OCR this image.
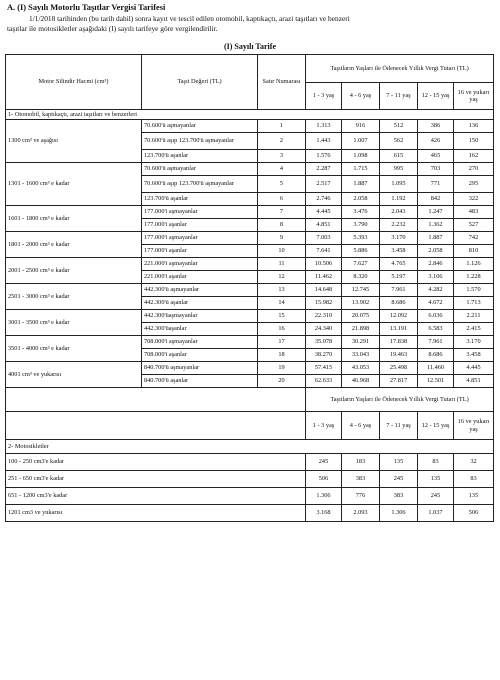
A. (I) Sayılı Motorlu Taşıtlar Vergisi Tarifesi
1/1/2018 tarihinden (bu tarih dahil) sonra kayıt ve tescil edilen otomobil, kaptıkaçtı, arazi taşıtları ve benzeri
taşıtlar ile motosikletler aşağıdaki (I) sayılı tarifeye göre vergilendirilir.
(I) Sayılı Tarife
Motor Silindir Hacmi (cm³)	Taşıt Değeri (TL)	Satır Numarası	Taşıtların Yaşları ile Ödenecek Yıllık Vergi Tutarı (TL)				
			1 - 3 yaş	4 - 6 yaş	7 - 11 yaş	12 - 15 yaş	16 ve yukarı yaş
1- Otomobil, kaptıkaçtı, arazi taşıtları ve benzerleri							
1300 cm³ ve aşağısı	70.600'ü aşmayanlar	1	1.313	916	512	386	136
	70.600'ü aşıp 123.700'ü aşmayanlar	2	1.443	1.007	562	426	150
	123.700'ü aşanlar	3	1.576	1.098	615	465	162
1301 - 1600 cm³ e kadar	70.600'ü aşmayanlar	4	2.287	1.715	995	703	270
	70.600'ü aşıp 123.700'ü aşmayanlar	5	2.517	1.887	1.095	771	295
	123.700'ü aşanlar	6	2.746	2.058	1.192	842	322
1601 - 1800 cm³ e kadar	177.000'i aşmayanlar	7	4.445	3.476	2.043	1.247	483
	177.000'i aşanlar	8	4.851	3.790	2.232	1.362	527
1801 - 2000 cm³ e kadar	177.000'i aşmayanlar	9	7.003	5.393	3.170	1.887	742
	177.000'i aşanlar	10	7.641	5.886	3.458	2.058	810
2001 - 2500 cm³ e kadar	221.000'i aşmayanlar	11	10.506	7.627	4.765	2.846	1.126
	221.000'i aşanlar	12	11.462	8.320	5.197	3.106	1.228
2501 - 3000 cm³ e kadar	442.300'ü aşmayanlar	13	14.648	12.745	7.961	4.282	1.570
	442.300'ü aşanlar	14	15.982	13.902	8.686	4.672	1.713
3001 - 3500 cm³ e kadar	442.300'üaşmayanlar	15	22.310	20.075	12.092	6.036	2.211
	442.300'üaşanlar	16	24.340	21.898	13.191	6.583	2.415
3501 - 4000 cm³ e kadar	708.000'i aşmayanlar	17	35.078	30.291	17.838	7.961	3.170
	708.000'i aşanlar	18	38.270	33.043	19.463	8.686	3.458
4001 cm³ ve yukarısı	840.700'ü aşmayanlar	19	57.415	43.053	25.498	11.460	4.445
	840.700'ü aşanlar	20	62.633	46.968	27.817	12.501	4.851
			Taşıtların Yaşları ile Ödenecek Yıllık Vergi Tutarı (TL)				
			1 - 3 yaş	4 - 6 yaş	7 - 11 yaş	12 - 15 yaş	16 ve yukarı yaş
2- Motosikletler							
100 - 250 cm3'e kadar			245	183	135	83	32
251 - 650 cm3'e kadar			506	383	245	135	83
651 - 1200 cm3'e kadar			1.306	776	383	245	135
1201 cm3 ve yukarısı			3.168	2.093	1.306	1.037	506
